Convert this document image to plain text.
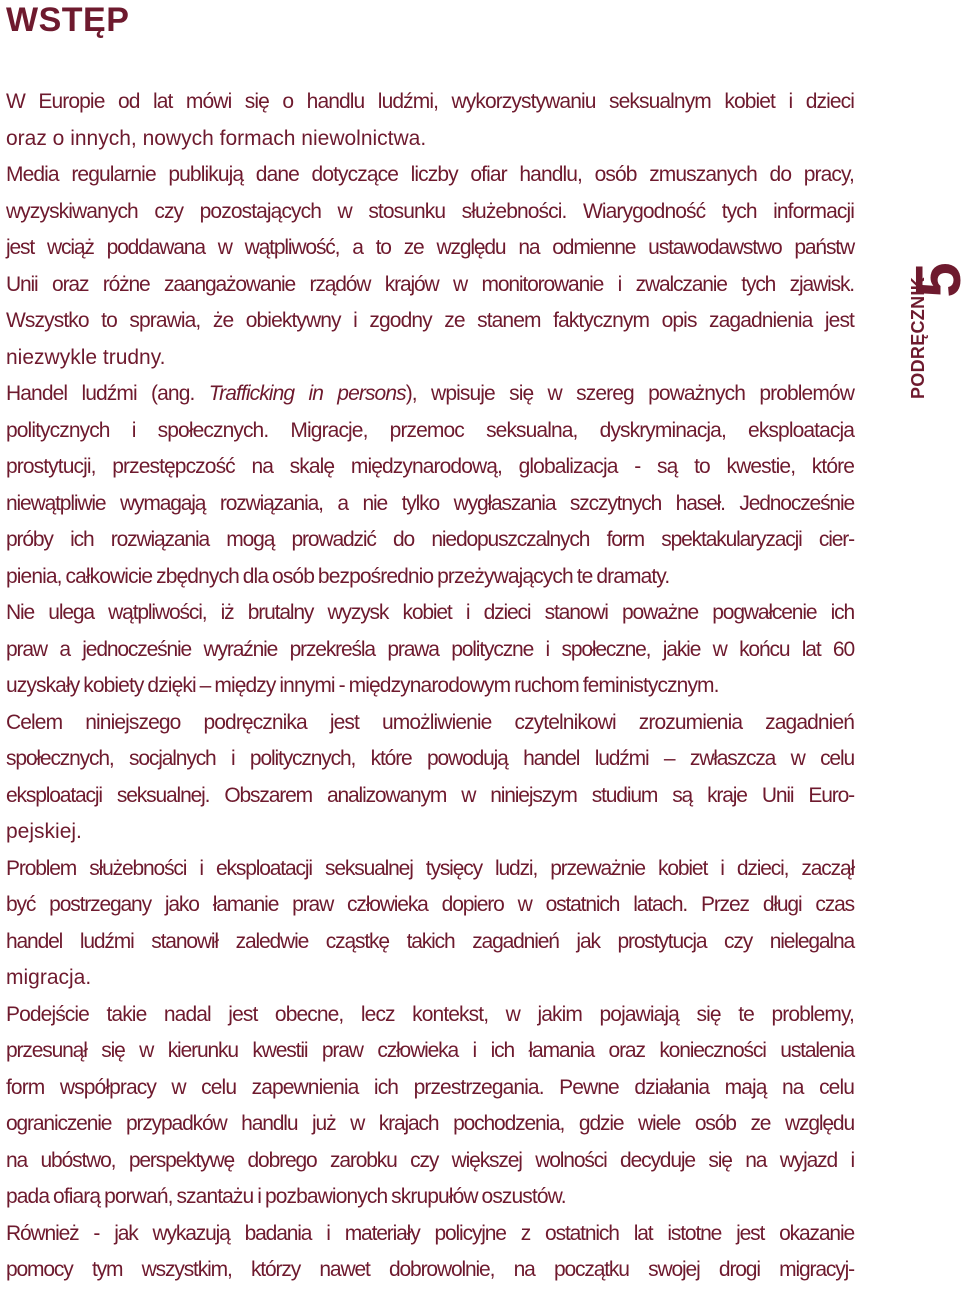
WSTĘP
5
PODRĘCZNIK
W Europie od lat mówi się o handlu ludźmi, wykorzystywaniu seksualnym kobiet i dzieci
oraz o innych, nowych formach niewolnictwa.
Media regularnie publikują dane dotyczące liczby ofiar handlu, osób zmuszanych do pracy,
wyzyskiwanych czy pozostających w stosunku służebności. Wiarygodność tych informacji
jest wciąż poddawana w wątpliwość, a to ze względu na odmienne ustawodawstwo państw
Unii oraz różne zaangażowanie rządów krajów w monitorowanie i zwalczanie tych zjawisk.
Wszystko to sprawia, że obiektywny i zgodny ze stanem faktycznym opis zagadnienia jest
niezwykle trudny.
Handel ludźmi (ang. Trafficking in persons), wpisuje się w szereg poważnych problemów
politycznych i społecznych. Migracje, przemoc seksualna, dyskryminacja, eksploatacja
prostytucji, przestępczość na skalę międzynarodową, globalizacja - są to kwestie, które
niewątpliwie wymagają rozwiązania, a nie tylko wygłaszania szczytnych haseł. Jednocześnie
próby ich rozwiązania mogą prowadzić do niedopuszczalnych form spektakularyzacji cier-
pienia, całkowicie zbędnych dla osób bezpośrednio przeżywających te dramaty.
Nie ulega wątpliwości, iż brutalny wyzysk kobiet i dzieci stanowi poważne pogwałcenie ich
praw a jednocześnie wyraźnie przekreśla prawa polityczne i społeczne, jakie w końcu lat 60
uzyskały kobiety dzięki – między innymi - międzynarodowym ruchom feministycznym.
Celem niniejszego podręcznika jest umożliwienie czytelnikowi zrozumienia zagadnień
społecznych, socjalnych i politycznych, które powodują handel ludźmi – zwłaszcza w celu
eksploatacji seksualnej. Obszarem analizowanym w niniejszym studium są kraje Unii Euro-
pejskiej.
Problem służebności i eksploatacji seksualnej tysięcy ludzi, przeważnie kobiet i dzieci, zaczął
być postrzegany jako łamanie praw człowieka dopiero w ostatnich latach. Przez długi czas
handel ludźmi stanowił zaledwie cząstkę takich zagadnień jak prostytucja czy nielegalna
migracja.
Podejście takie nadal jest obecne, lecz kontekst, w jakim pojawiają się te problemy,
przesunął się w kierunku kwestii praw człowieka i ich łamania oraz konieczności ustalenia
form współpracy w celu zapewnienia ich przestrzegania. Pewne działania mają na celu
ograniczenie przypadków handlu już w krajach pochodzenia, gdzie wiele osób ze względu
na ubóstwo, perspektywę dobrego zarobku czy większej wolności decyduje się na wyjazd i
pada ofiarą porwań, szantażu i pozbawionych skrupułów oszustów.
Również - jak wykazują badania i materiały policyjne z ostatnich lat istotne jest okazanie
pomocy tym wszystkim, którzy nawet dobrowolnie, na początku swojej drogi migracyj-
